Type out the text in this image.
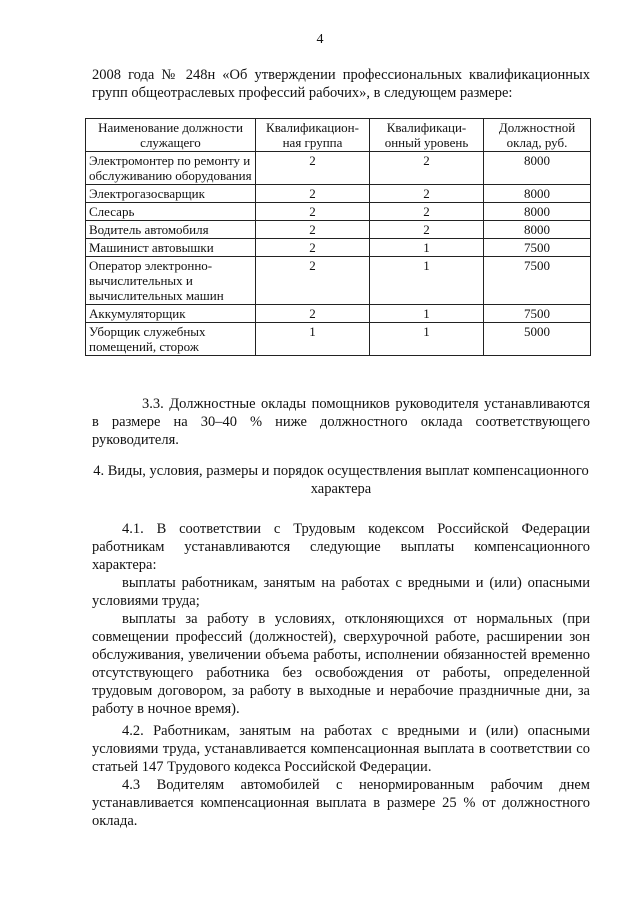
4
2008 года № 248н «Об утверждении профессиональных квалификационных групп общеотраслевых профессий рабочих», в следующем размере:
Наименование должности служащего	Квалификацион-ная группа	Квалификаци-онный уровень	Должностной оклад, руб.
Электромонтер по ремонту и обслуживанию оборудования	2	2	8000
Электрогазосварщик	2	2	8000
Слесарь	2	2	8000
Водитель автомобиля	2	2	8000
Машинист автовышки	2	1	7500
Оператор электронно-вычислительных и вычислительных машин	2	1	7500
Аккумуляторщик	2	1	7500
Уборщик служебных помещений, сторож	1	1	5000
3.3. Должностные оклады помощников руководителя устанавливаются в размере на 30–40 % ниже должностного оклада соответствующего руководителя.
4. Виды, условия, размеры и порядок осуществления выплат компенсационного характера
4.1. В соответствии с Трудовым кодексом Российской Федерации работникам устанавливаются следующие выплаты компенсационного характера:
выплаты работникам, занятым на работах с вредными и (или) опасными условиями труда;
выплаты за работу в условиях, отклоняющихся от нормальных (при совмещении профессий (должностей), сверхурочной работе, расширении зон обслуживания, увеличении объема работы, исполнении обязанностей временно отсутствующего работника без освобождения от работы, определенной трудовым договором, за работу в выходные и нерабочие праздничные дни, за работу в ночное время).
4.2. Работникам, занятым на работах с вредными и (или) опасными условиями труда, устанавливается компенсационная выплата в соответствии со статьей 147 Трудового кодекса Российской Федерации.
4.3 Водителям автомобилей с ненормированным рабочим днем устанавливается компенсационная выплата в размере 25 % от должностного оклада.
